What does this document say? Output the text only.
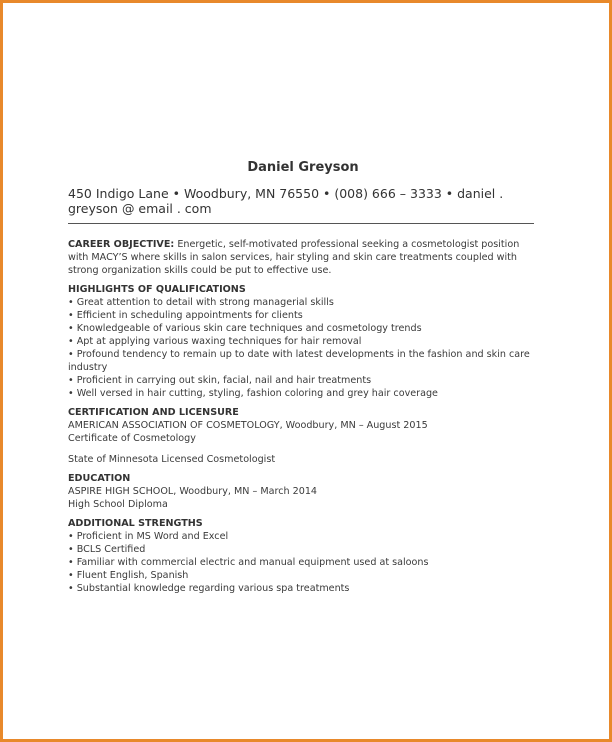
Daniel Greyson
450 Indigo Lane • Woodbury, MN 76550 • (008) 666 – 3333 • daniel . greyson @ email . com
CAREER OBJECTIVE: Energetic, self-motivated professional seeking a cosmetologist position with MACY’S where skills in salon services, hair styling and skin care treatments coupled with strong organization skills could be put to effective use.
HIGHLIGHTS OF QUALIFICATIONS
• Great attention to detail with strong managerial skills
• Efficient in scheduling appointments for clients
• Knowledgeable of various skin care techniques and cosmetology trends
• Apt at applying various waxing techniques for hair removal
• Profound tendency to remain up to date with latest developments in the fashion and skin care industry
• Proficient in carrying out skin, facial, nail and hair treatments
• Well versed in hair cutting, styling, fashion coloring and grey hair coverage
CERTIFICATION AND LICENSURE
AMERICAN ASSOCIATION OF COSMETOLOGY, Woodbury, MN – August 2015
Certificate of Cosmetology
State of Minnesota Licensed Cosmetologist
EDUCATION
ASPIRE HIGH SCHOOL, Woodbury, MN – March 2014
High School Diploma
ADDITIONAL STRENGTHS
• Proficient in MS Word and Excel
• BCLS Certified
• Familiar with commercial electric and manual equipment used at saloons
• Fluent English, Spanish
• Substantial knowledge regarding various spa treatments
